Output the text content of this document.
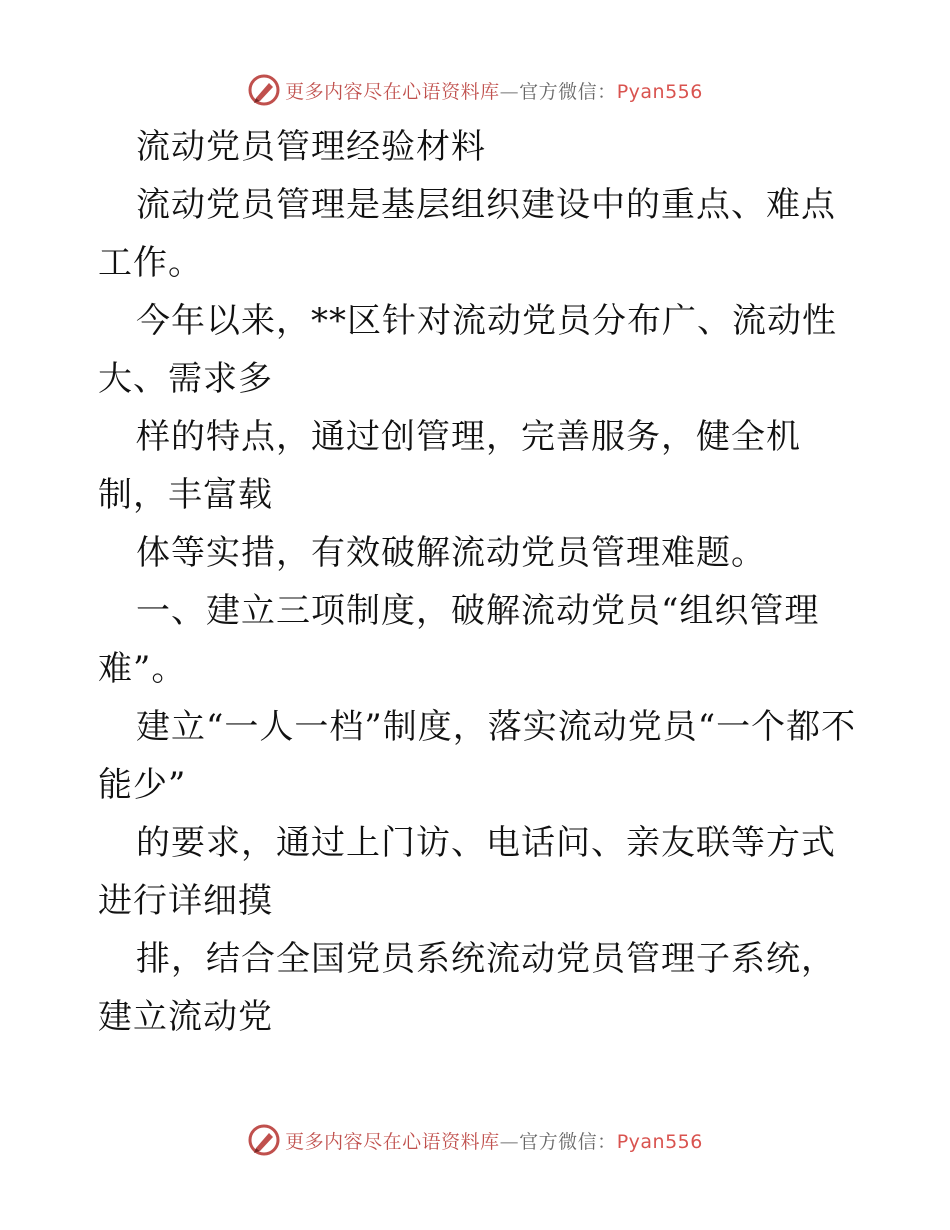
更多内容尽在心语资料库—官方微信：Pyan556

流动党员管理经验材料

流动党员管理是基层组织建设中的重点、难点工作。

今年以来，**区针对流动党员分布广、流动性大、需求多

样的特点，通过创管理，完善服务，健全机制，丰富载

体等实措，有效破解流动党员管理难题。

一、建立三项制度，破解流动党员“组织管理难”。

建立“一人一档”制度，落实流动党员“一个都不能少”

的要求，通过上门访、电话问、亲友联等方式进行详细摸

排，结合全国党员系统流动党员管理子系统，建立流动党

更多内容尽在心语资料库—官方微信：Pyan556
